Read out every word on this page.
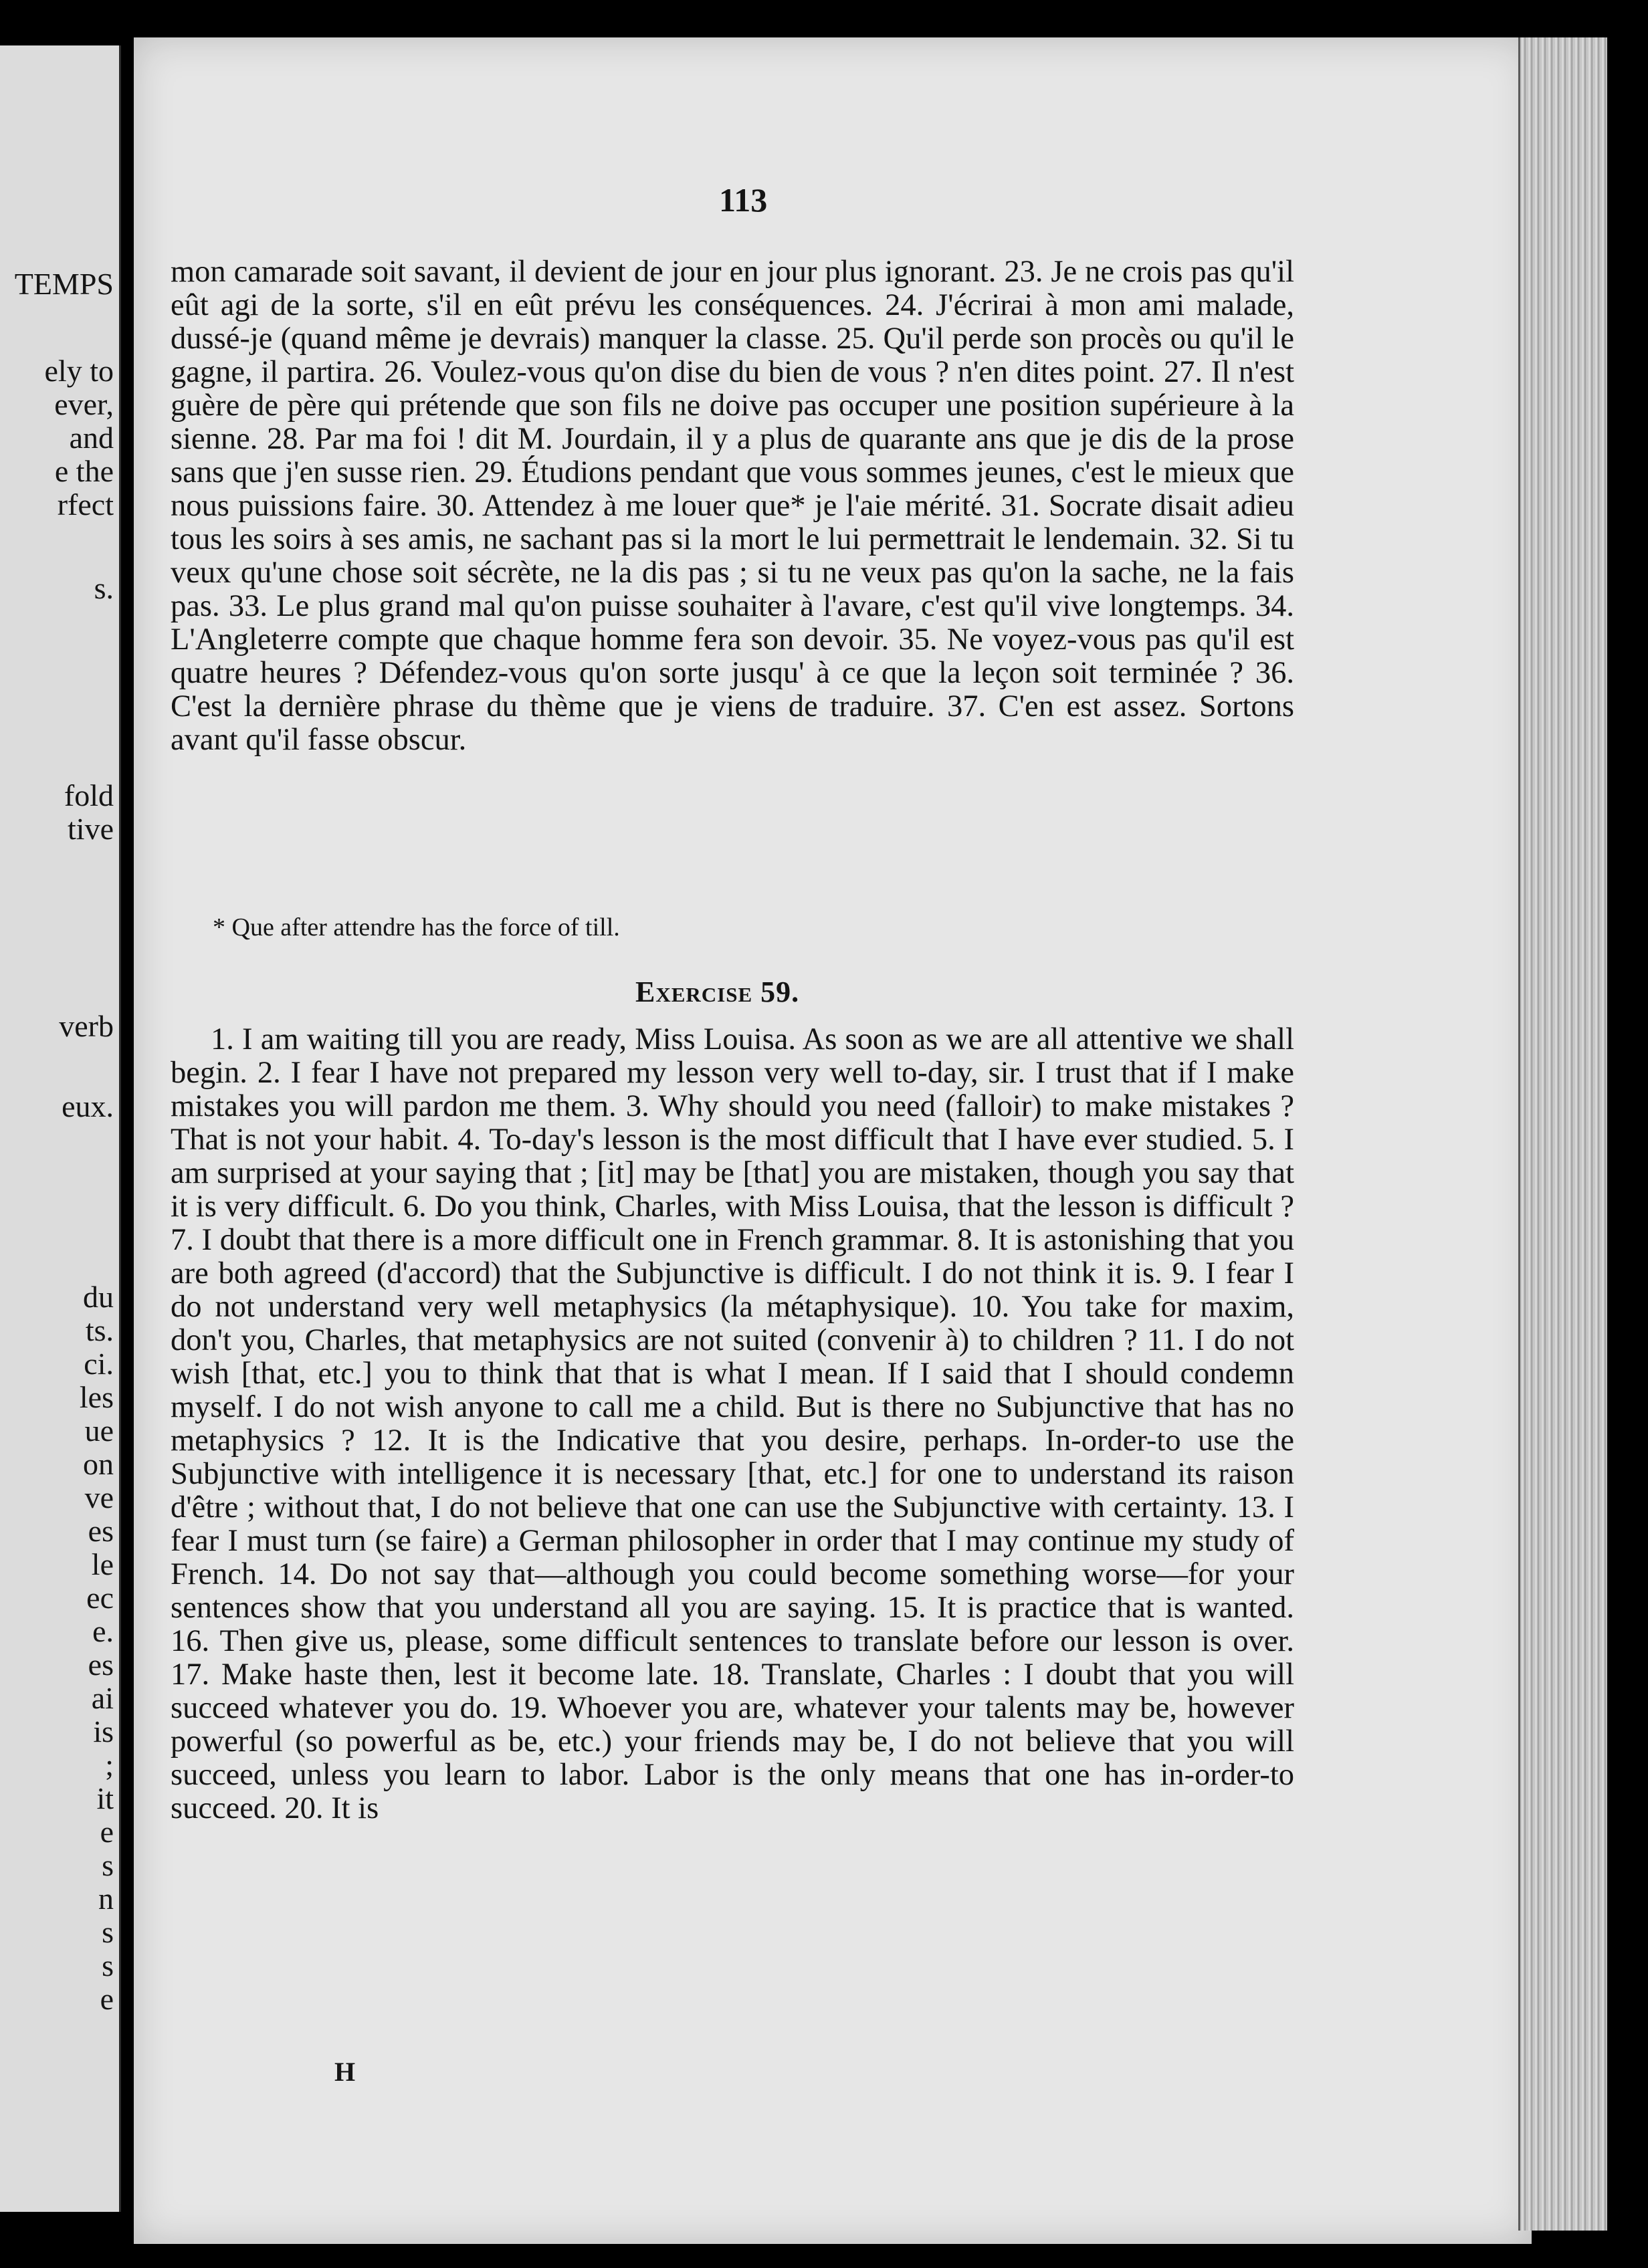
TEMPS
ely to
ever,
and
e the
rfect
s.
fold
tive
verb
eux.
du
ts.
ci.
les
ue
on
ve
es
le
ec
e.
es
ai
is
;
it
e
s
n
s
s
e
113

mon camarade soit savant, il devient de jour en jour plus ignorant. 23. Je ne crois pas qu'il eût agi de la sorte, s'il en eût prévu les conséquences. 24. J'écrirai à mon ami malade, dussé-je (quand même je devrais) manquer la classe. 25. Qu'il perde son procès ou qu'il le gagne, il partira. 26. Voulez-vous qu'on dise du bien de vous ? n'en dites point. 27. Il n'est guère de père qui prétende que son fils ne doive pas occuper une position supérieure à la sienne. 28. Par ma foi ! dit M. Jourdain, il y a plus de quarante ans que je dis de la prose sans que j'en susse rien. 29. Étudions pendant que vous sommes jeunes, c'est le mieux que nous puissions faire. 30. Attendez à me louer que* je l'aie mérité. 31. Socrate disait adieu tous les soirs à ses amis, ne sachant pas si la mort le lui permettrait le lendemain. 32. Si tu veux qu'une chose soit sécrète, ne la dis pas ; si tu ne veux pas qu'on la sache, ne la fais pas. 33. Le plus grand mal qu'on puisse souhaiter à l'avare, c'est qu'il vive longtemps. 34. L'Angleterre compte que chaque homme fera son devoir. 35. Ne voyez-vous pas qu'il est quatre heures ? Défendez-vous qu'on sorte jusqu' à ce que la leçon soit terminée ? 36. C'est la dernière phrase du thème que je viens de traduire. 37. C'en est assez. Sortons avant qu'il fasse obscur.

* Que after attendre has the force of till.
Exercise 59.

1. I am waiting till you are ready, Miss Louisa. As soon as we are all attentive we shall begin. 2. I fear I have not prepared my lesson very well to-day, sir. I trust that if I make mistakes you will pardon me them. 3. Why should you need (falloir) to make mistakes ? That is not your habit. 4. To-day's lesson is the most difficult that I have ever studied. 5. I am surprised at your saying that ; [it] may be [that] you are mistaken, though you say that it is very difficult. 6. Do you think, Charles, with Miss Louisa, that the lesson is difficult ? 7. I doubt that there is a more difficult one in French grammar. 8. It is astonishing that you are both agreed (d'accord) that the Subjunctive is difficult. I do not think it is. 9. I fear I do not understand very well metaphysics (la métaphysique). 10. You take for maxim, don't you, Charles, that metaphysics are not suited (convenir à) to children ? 11. I do not wish [that, etc.] you to think that that is what I mean. If I said that I should condemn myself. I do not wish anyone to call me a child. But is there no Subjunctive that has no metaphysics ? 12. It is the Indicative that you desire, perhaps. In-order-to use the Subjunctive with intelligence it is necessary [that, etc.] for one to understand its raison d'être ; without that, I do not believe that one can use the Subjunctive with certainty. 13. I fear I must turn (se faire) a German philosopher in order that I may continue my study of French. 14. Do not say that—although you could become something worse—for your sentences show that you understand all you are saying. 15. It is practice that is wanted. 16. Then give us, please, some difficult sentences to translate before our lesson is over. 17. Make haste then, lest it become late. 18. Translate, Charles : I doubt that you will succeed whatever you do. 19. Whoever you are, whatever your talents may be, however powerful (so powerful as be, etc.) your friends may be, I do not believe that you will succeed, unless you learn to labor. Labor is the only means that one has in-order-to succeed. 20. It is

H
